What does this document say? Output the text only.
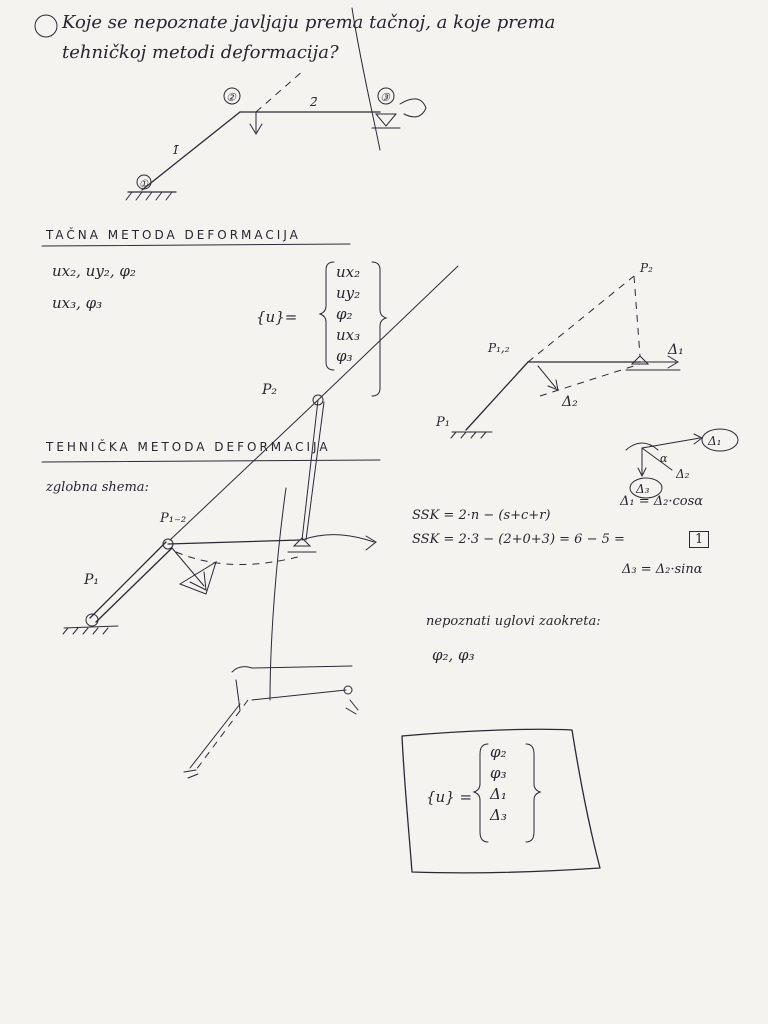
Koje se nepoznate javljaju prema tačnoj, a koje prema
tehničkoj metodi deformacija?
TAČNA METODA DEFORMACIJA
TEHNIČKA METODA DEFORMACIJA
ux₂, uy₂, φ₂
ux₃, φ₃
{u}=
ux₂
uy₂
φ₂
ux₃
φ₃
zglobna shema:
SSK = 2·n − (s+c+r)
SSK = 2·3 − (2+0+3) = 6 − 5 =	1
Δ₁ = Δ₂·cosα
Δ₃ = Δ₂·sinα
nepoznati uglovi zaokreta:
φ₂, φ₃
{u} =
φ₂
φ₃
Δ₁
Δ₃
①
②	③
1̄
2̄
P₂
P₁
P₁,₂
P₂
Δ₁
Δ₂
Δ₁
Δ₃
Δ₂
α
P₁₋₂
P₁
